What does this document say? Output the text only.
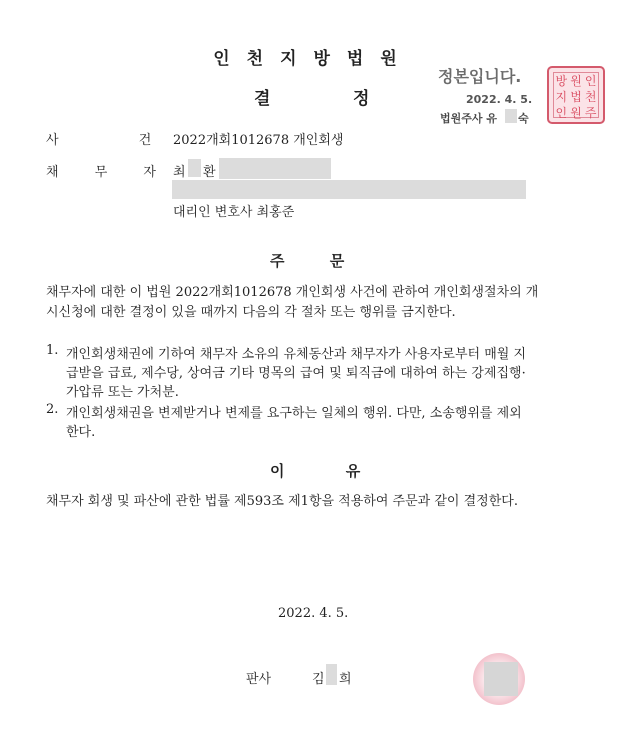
인천지방법원
결	정
정본입니다.
2022. 4. 5.
법원주사 유 숙
방 원 인
지 법 천
인 원 주
사 건
2022개회1012678 개인회생
채 무 자 최 환
대리인 변호사 최홍준
주 문
채무자에 대한 이 법원 2022개회1012678 개인회생 사건에 관하여 개인회생절차의 개
시신청에 대한 결정이 있을 때까지 다음의 각 절차 또는 행위를 금지한다.
1. 개인회생채권에 기하여 채무자 소유의 유체동산과 채무자가 사용자로부터 매월 지
급받을 급료, 제수당, 상여금 기타 명목의 급여 및 퇴직금에 대하여 하는 강제집행·
가압류 또는 가처분.
2. 개인회생채권을 변제받거나 변제를 요구하는 일체의 행위. 다만, 소송행위를 제외
한다.
이 유
채무자 회생 및 파산에 관한 법률 제593조 제1항을 적용하여 주문과 같이 결정한다.
2022. 4. 5.
판사	김 희
